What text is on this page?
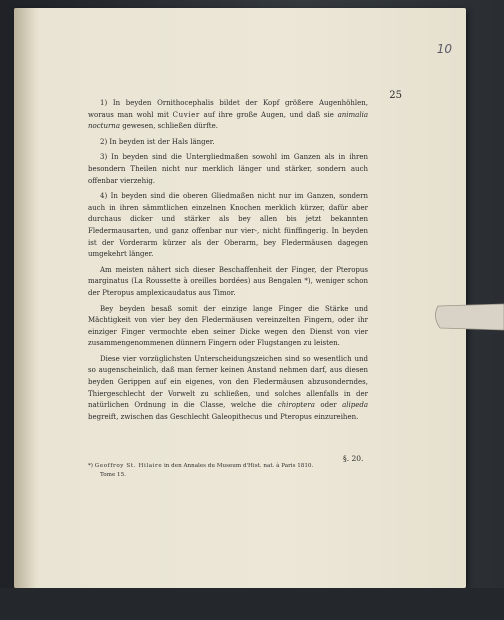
10
25

1) In beyden Ornithocephalis bildet der Kopf größere Augenhöhlen, woraus man wohl mit Cuvier auf ihre große Augen, und daß sie animalia nocturna gewesen, schließen dürfte.

2) In beyden ist der Hals länger.

3) In beyden sind die Untergliedmaßen sowohl im Ganzen als in ihren besondern Theilen nicht nur merklich länger und stärker, sondern auch offenbar vierzehig.

4) In beyden sind die oberen Gliedmaßen nicht nur im Ganzen, sondern auch in ihren sämmtlichen einzelnen Knochen merklich kürzer, dafür aber durchaus dicker und stärker als bey allen bis jetzt bekannten Fledermausarten, und ganz offenbar nur vier-, nicht fünffingerig. In beyden ist der Vorderarm kürzer als der Oberarm, bey Fledermäusen dagegen umgekehrt länger.

Am meisten nähert sich dieser Beschaffenheit der Finger, der Pteropus marginatus (La Roussette à oreilles bordées) aus Bengalen *), weniger schon der Pteropus amplexicaudatus aus Timor.

Bey beyden besaß somit der einzige lange Finger die Stärke und Mächtigkeit von vier bey den Fledermäusen vereinzelten Fingern, oder ihr einziger Finger vermochte eben seiner Dicke wegen den Dienst von vier zusammengenommenen dünnern Fingern oder Flugstangen zu leisten.

Diese vier vorzüglichsten Unterscheidungszeichen sind so wesentlich und so augenscheinlich, daß man ferner keinen Anstand nehmen darf, aus diesen beyden Gerippen auf ein eigenes, von den Fledermäusen abzusonderndes, Thiergeschlecht der Vorwelt zu schließen, und solches allenfalls in der natürlichen Ordnung in die Classe, welche die chiroptera oder alipeda begreift, zwischen das Geschlecht Galeopithecus und Pteropus einzureihen.

§. 20.
*) Geoffroy St. Hilaire in den Annales du Museum d'Hist. nat. à Paris 1810.
Tome 15.
